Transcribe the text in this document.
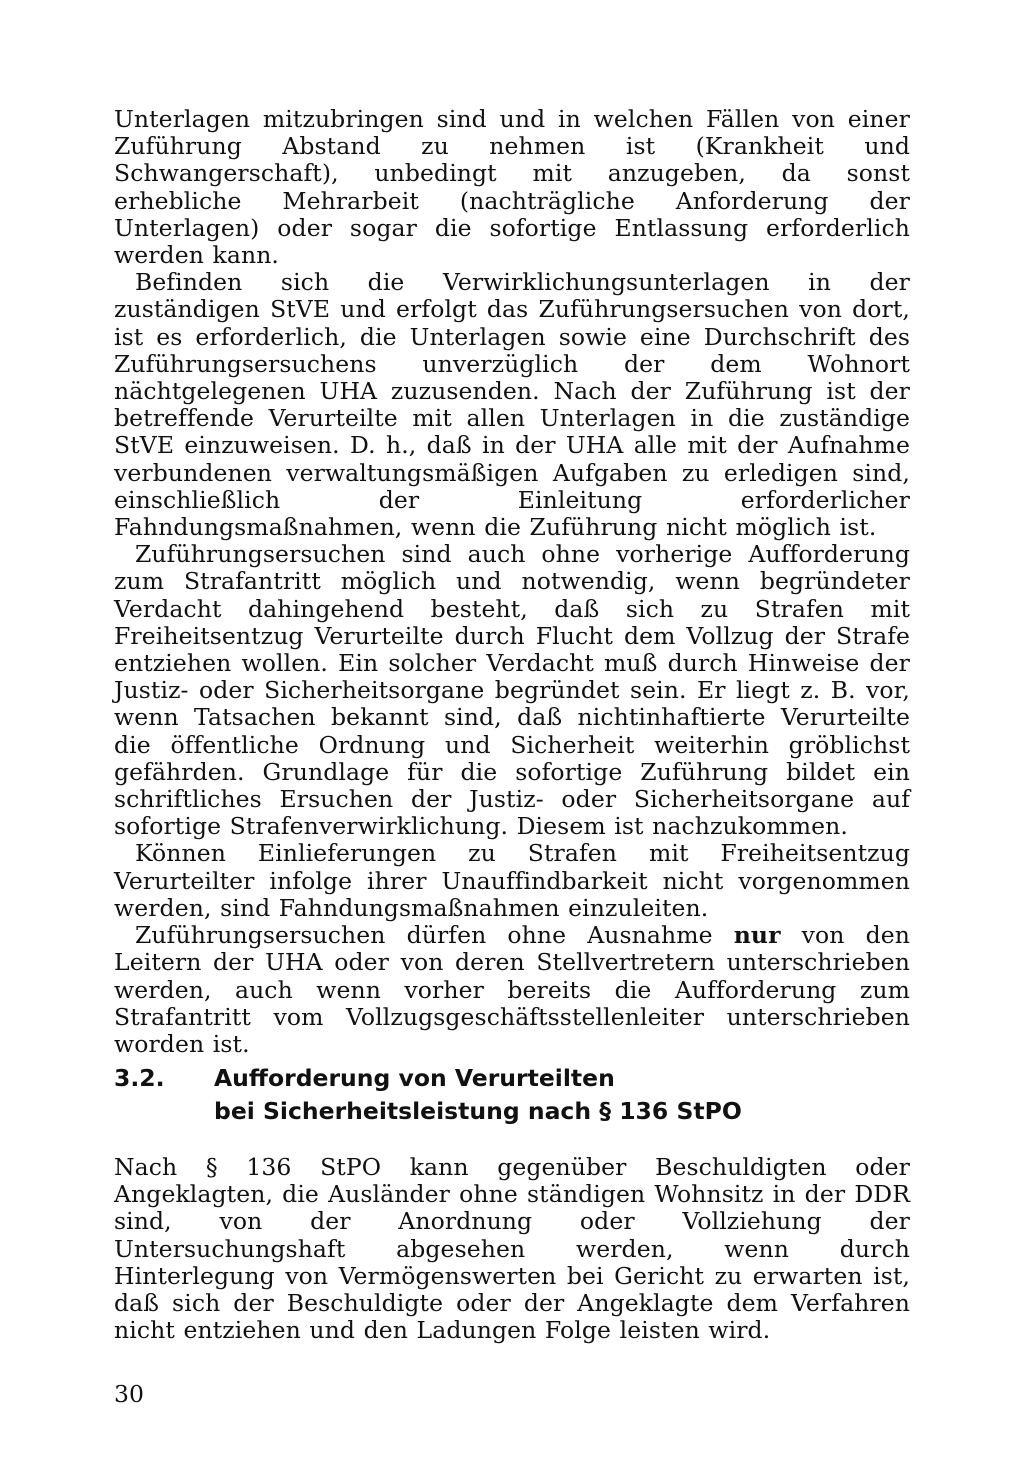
Unterlagen mitzubringen sind und in welchen Fällen von einer Zuführung Abstand zu nehmen ist (Krankheit und Schwangerschaft), unbedingt mit anzugeben, da sonst erhebliche Mehrarbeit (nachträgliche Anforderung der Unterlagen) oder sogar die sofortige Entlassung erforderlich werden kann.

Befinden sich die Verwirklichungsunterlagen in der zuständigen StVE und erfolgt das Zuführungsersuchen von dort, ist es erforderlich, die Unterlagen sowie eine Durchschrift des Zuführungsersuchens unverzüglich der dem Wohnort nächtgelegenen UHA zuzusenden. Nach der Zuführung ist der betreffende Verurteilte mit allen Unterlagen in die zuständige StVE einzuweisen. D. h., daß in der UHA alle mit der Aufnahme verbundenen verwaltungsmäßigen Aufgaben zu erledigen sind, einschließlich der Einleitung erforderlicher Fahndungsmaßnahmen, wenn die Zuführung nicht möglich ist.

Zuführungsersuchen sind auch ohne vorherige Aufforderung zum Strafantritt möglich und notwendig, wenn begründeter Verdacht dahingehend besteht, daß sich zu Strafen mit Freiheitsentzug Verurteilte durch Flucht dem Vollzug der Strafe entziehen wollen. Ein solcher Verdacht muß durch Hinweise der Justiz- oder Sicherheitsorgane begründet sein. Er liegt z. B. vor, wenn Tatsachen bekannt sind, daß nichtinhaftierte Verurteilte die öffentliche Ordnung und Sicherheit weiterhin gröblichst gefährden. Grundlage für die sofortige Zuführung bildet ein schriftliches Ersuchen der Justiz- oder Sicherheitsorgane auf sofortige Strafenverwirklichung. Diesem ist nachzukommen.

Können Einlieferungen zu Strafen mit Freiheitsentzug Verurteilter infolge ihrer Unauffindbarkeit nicht vorgenommen werden, sind Fahndungsmaßnahmen einzuleiten.

Zuführungsersuchen dürfen ohne Ausnahme nur von den Leitern der UHA oder von deren Stellvertretern unterschrieben werden, auch wenn vorher bereits die Aufforderung zum Strafantritt vom Vollzugsgeschäftsstellenleiter unterschrieben worden ist.

3.2. Aufforderung von Verurteilten
bei Sicherheitsleistung nach § 136 StPO

Nach § 136 StPO kann gegenüber Beschuldigten oder Angeklagten, die Ausländer ohne ständigen Wohnsitz in der DDR sind, von der Anordnung oder Vollziehung der Untersuchungshaft abgesehen werden, wenn durch Hinterlegung von Vermögenswerten bei Gericht zu erwarten ist, daß sich der Beschuldigte oder der Angeklagte dem Verfahren nicht entziehen und den Ladungen Folge leisten wird.

30
